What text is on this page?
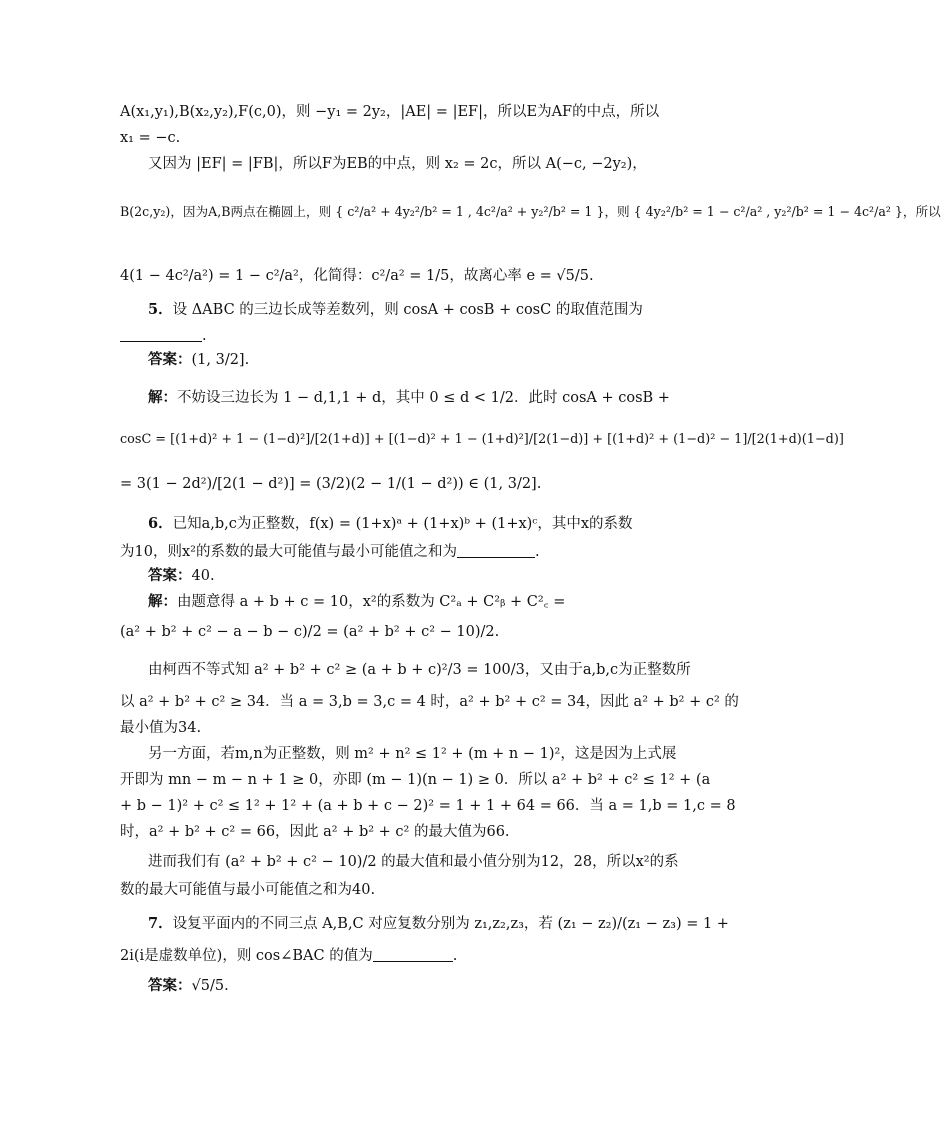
A(x₁,y₁),B(x₂,y₂),F(c,0)，则 −y₁ = 2y₂，|AE| = |EF|，所以E为AF的中点，所以
x₁ = −c.
又因为 |EF| = |FB|，所以F为EB的中点，则 x₂ = 2c，所以 A(−c, −2y₂)，
B(2c,y₂)，因为A,B两点在椭圆上，则 { c²/a² + 4y₂²/b² = 1 , 4c²/a² + y₂²/b² = 1 }，则 { 4y₂²/b² = 1 − c²/a² , y₂²/b² = 1 − 4c²/a² }，所以
4(1 − 4c²/a²) = 1 − c²/a²，化简得：c²/a² = 1/5，故离心率 e = √5/5.
5．设 ΔABC 的三边长成等差数列，则 cosA + cosB + cosC 的取值范围为
.
答案：(1, 3/2].
解：不妨设三边长为 1 − d,1,1 + d，其中 0 ≤ d < 1/2．此时 cosA + cosB +
cosC = [(1+d)² + 1 − (1−d)²]/[2(1+d)] + [(1−d)² + 1 − (1+d)²]/[2(1−d)] + [(1+d)² + (1−d)² − 1]/[2(1+d)(1−d)]
= 3(1 − 2d²)/[2(1 − d²)] = (3/2)(2 − 1/(1 − d²)) ∈ (1, 3/2].
6．已知a,b,c为正整数，f(x) = (1+x)ᵃ + (1+x)ᵇ + (1+x)ᶜ，其中x的系数
为10，则x²的系数的最大可能值与最小可能值之和为	.
答案：40.
解：由题意得 a + b + c = 10，x²的系数为 C²ₐ + C²ᵦ + C²꜀ =
(a² + b² + c² − a − b − c)/2 = (a² + b² + c² − 10)/2.
由柯西不等式知 a² + b² + c² ≥ (a + b + c)²/3 = 100/3，又由于a,b,c为正整数所
以 a² + b² + c² ≥ 34．当 a = 3,b = 3,c = 4 时，a² + b² + c² = 34，因此 a² + b² + c² 的
最小值为34.
另一方面，若m,n为正整数，则 m² + n² ≤ 1² + (m + n − 1)²，这是因为上式展
开即为 mn − m − n + 1 ≥ 0，亦即 (m − 1)(n − 1) ≥ 0．所以 a² + b² + c² ≤ 1² + (a
+ b − 1)² + c² ≤ 1² + 1² + (a + b + c − 2)² = 1 + 1 + 64 = 66．当 a = 1,b = 1,c = 8
时，a² + b² + c² = 66，因此 a² + b² + c² 的最大值为66.
进而我们有 (a² + b² + c² − 10)/2 的最大值和最小值分别为12，28，所以x²的系
数的最大可能值与最小可能值之和为40.
7．设复平面内的不同三点 A,B,C 对应复数分别为 z₁,z₂,z₃，若 (z₁ − z₂)/(z₁ − z₃) = 1 +
2i(i是虚数单位)，则 cos∠BAC 的值为	.
答案：√5/5.
